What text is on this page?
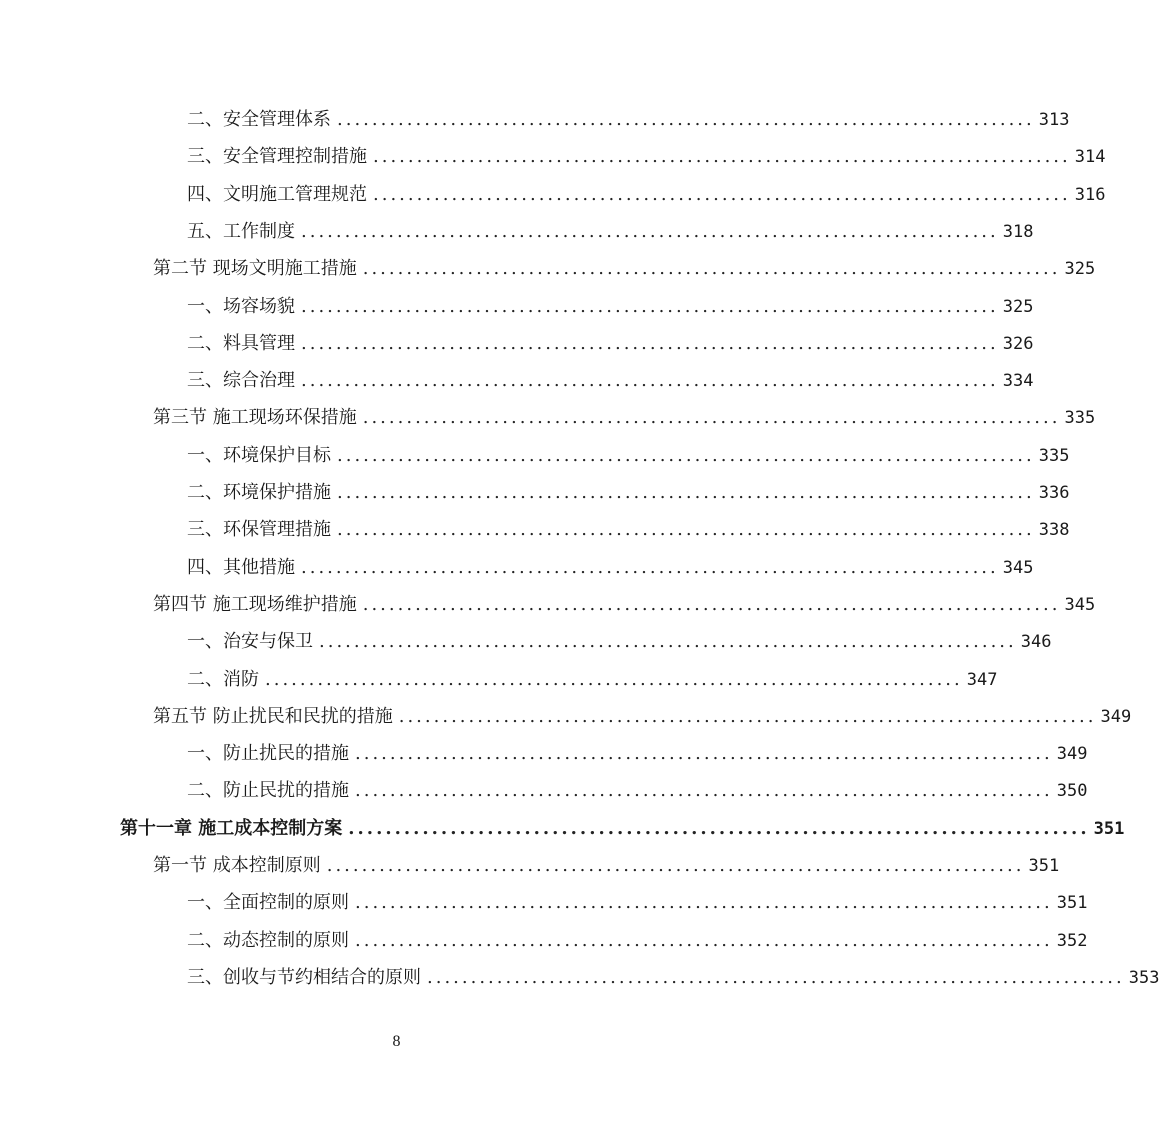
二、安全管理体系 ................................................................................ 313
三、安全管理控制措施 ................................................................................ 314
四、文明施工管理规范 ................................................................................ 316
五、工作制度 ................................................................................ 318
第二节 现场文明施工措施 ................................................................................ 325
一、场容场貌 ................................................................................ 325
二、料具管理 ................................................................................ 326
三、综合治理 ................................................................................ 334
第三节 施工现场环保措施 ................................................................................ 335
一、环境保护目标 ................................................................................ 335
二、环境保护措施 ................................................................................ 336
三、环保管理措施 ................................................................................ 338
四、其他措施 ................................................................................ 345
第四节 施工现场维护措施 ................................................................................ 345
一、治安与保卫 ................................................................................ 346
二、消防 ................................................................................ 347
第五节 防止扰民和民扰的措施 ................................................................................ 349
一、防止扰民的措施 ................................................................................ 349
二、防止民扰的措施 ................................................................................ 350
第十一章 施工成本控制方案 ................................................................................ 351
第一节 成本控制原则 ................................................................................ 351
一、全面控制的原则 ................................................................................ 351
二、动态控制的原则 ................................................................................ 352
三、创收与节约相结合的原则 ................................................................................ 353
8
